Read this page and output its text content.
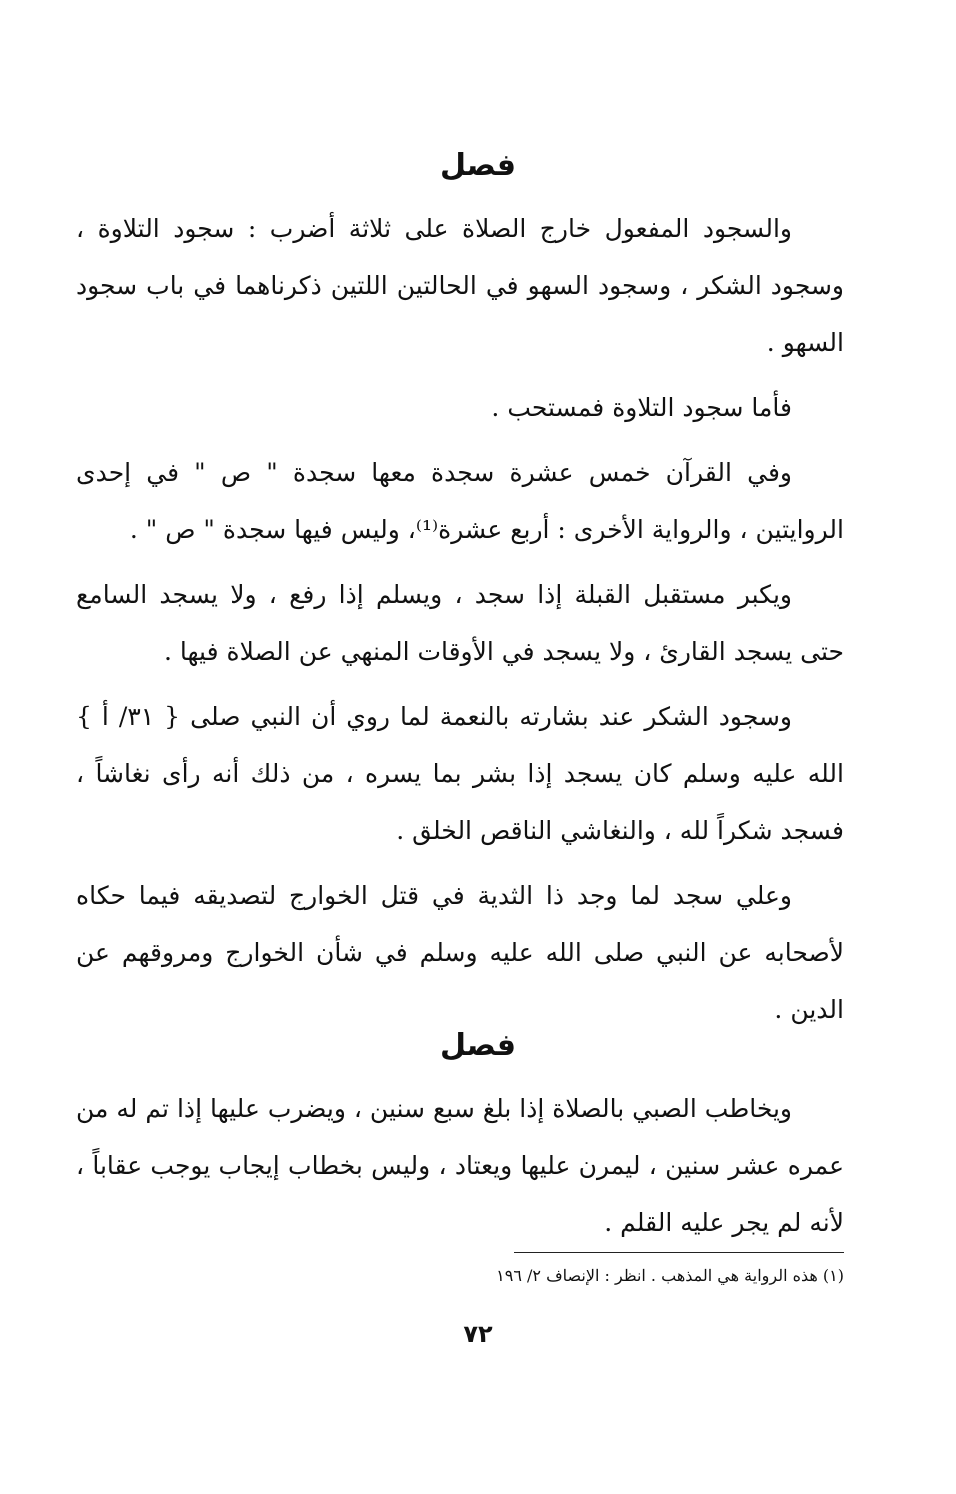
فصل

والسجود المفعول خارج الصلاة على ثلاثة أضرب : سجود التلاوة ، وسجود الشكر ، وسجود السهو في الحالتين اللتين ذكرناهما في باب سجود السهو .

فأما سجود التلاوة فمستحب .

وفي القرآن خمس عشرة سجدة معها سجدة " ص " في إحدى الروايتين ، والرواية الأخرى : أربع عشرة⁽¹⁾، وليس فيها سجدة " ص " .

ويكبر مستقبل القبلة إذا سجد ، ويسلم إذا رفع ، ولا يسجد السامع حتى يسجد القارئ ، ولا يسجد في الأوقات المنهي عن الصلاة فيها .

وسجود الشكر عند بشارته بالنعمة لما روي أن النبي صلى { ٣١/ أ } الله عليه وسلم كان يسجد إذا بشر بما يسره ، من ذلك أنه رأى نغاشاً ، فسجد شكراً لله ، والنغاشي الناقص الخلق .

وعلي سجد لما وجد ذا الثدية في قتل الخوارج لتصديقه فيما حكاه لأصحابه عن النبي صلى الله عليه وسلم في شأن الخوارج ومروقهم عن الدين .

فصل

ويخاطب الصبي بالصلاة إذا بلغ سبع سنين ، ويضرب عليها إذا تم له من عمره عشر سنين ، ليمرن عليها ويعتاد ، وليس بخطاب إيجاب يوجب عقاباً ، لأنه لم يجر عليه القلم .

(١) هذه الرواية هي المذهب . انظر : الإنصاف ٢/ ١٩٦
٧٢
